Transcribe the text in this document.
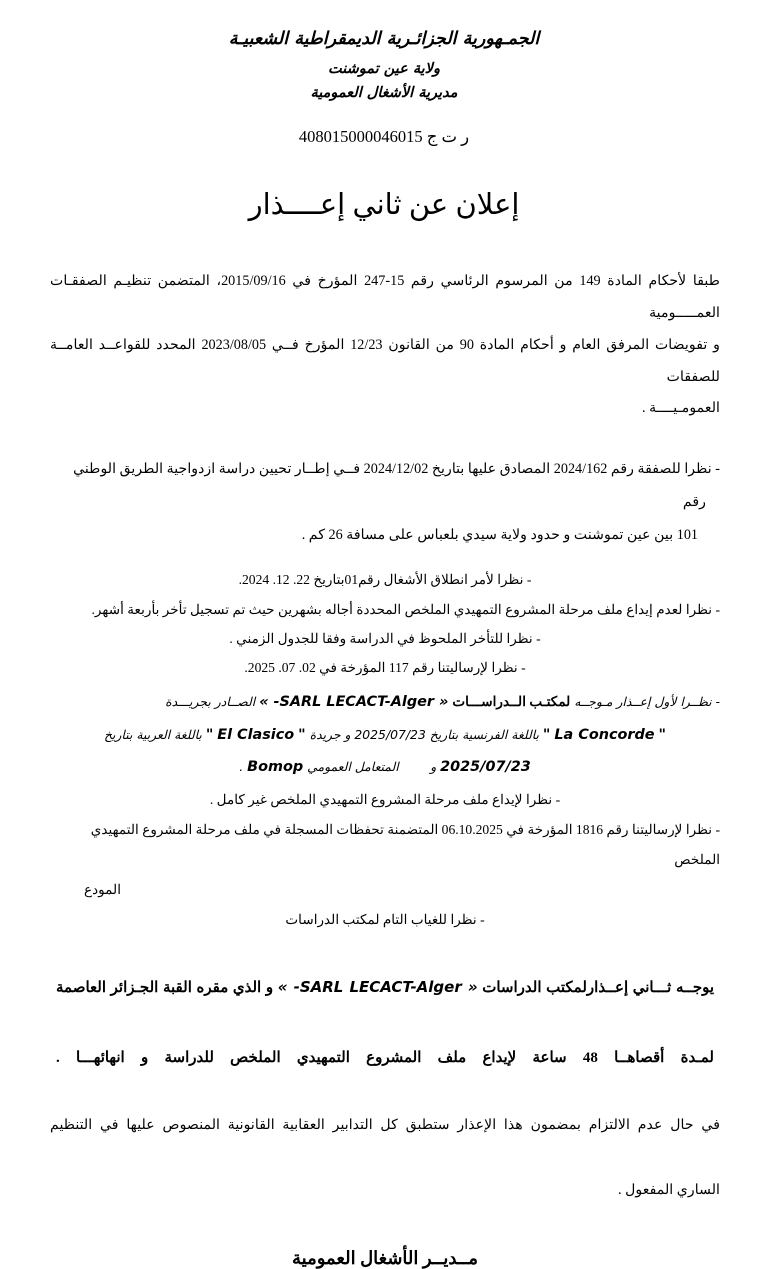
الجمـهورية الجزائـرية الديمقراطية الشعبيـة
ولاية عين تموشنت
مديرية الأشغال العمومية
ر ت ج 408015000046015
إعلان عن ثاني إعــــذار
طبقا لأحكام المادة 149 من المرسوم الرئاسي رقم 15-247 المؤرخ في 2015/09/16، المتضمن تنظيـم الصفقـات العمـــــومية
و تفويضات المرفق العام و أحكام المادة 90 من القانون 12/23 المؤرخ فــي 2023/08/05 المحدد للقواعــد العامــة للصفقات
العمومـيــــة .
- نظرا للصفقة رقم 2024/162 المصادق عليها بتاريخ 2024/12/02 فــي إطــار تحيين دراسة ازدواجية الطريق الوطني رقم
101 بين عين تموشنت و حدود ولاية سيدي بلعباس على مسافة 26 كم .
- نظرا لأمر انطلاق الأشغال رقم01بتاريخ 22. 12. 2024.
- نظرا لعدم إيداع ملف مرحلة المشروع التمهيدي الملخص المحددة أجاله بشهرين حيث تم تسجيل تأخر بأربعة أشهر.
- نظرا للتأخر الملحوظ في الدراسة وفقا للجدول الزمني .
- نظرا لإرساليتنا رقم 117 المؤرخة في 02. 07. 2025.
- نظــرا لأول إعــذار مـوجــه لمكتـب الــدراســـات « SARL LECACT-Alger- » الصــادر بجريـــدة
" La Concorde " باللغة الفرنسية بتاريخ 2025/07/23 و جريدة " El Clasico " باللغة العربية بتاريخ
2025/07/23 و        المتعامل العمومي Bomop .
- نظرا لإيداع ملف مرحلة المشروع التمهيدي الملخص غير كامل .
- نظرا لإرساليتنا رقم 1816 المؤرخة في 06.10.2025 المتضمنة تحفظات المسجلة في ملف مرحلة المشروع التمهيدي الملخص
المودع
- نظرا للغياب التام لمكتب الدراسات
يوجــه ثـــاني إعــذارلمكتب الدراسات « SARL LECACT-Alger- » و الذي مقره القبة الجـزائر العاصمة
لمـدة أقصاهــا 48 ساعة لإيداع ملف المشروع التمهيدي الملخص للدراسة و انهائهـــا .
في حال عدم الالتزام بمضمون هذا الإعذار ستطبق كل التدابير العقابية القانونية المنصوص عليها في التنظيم
الساري المفعول .
مــديــر الأشغال العمومية
